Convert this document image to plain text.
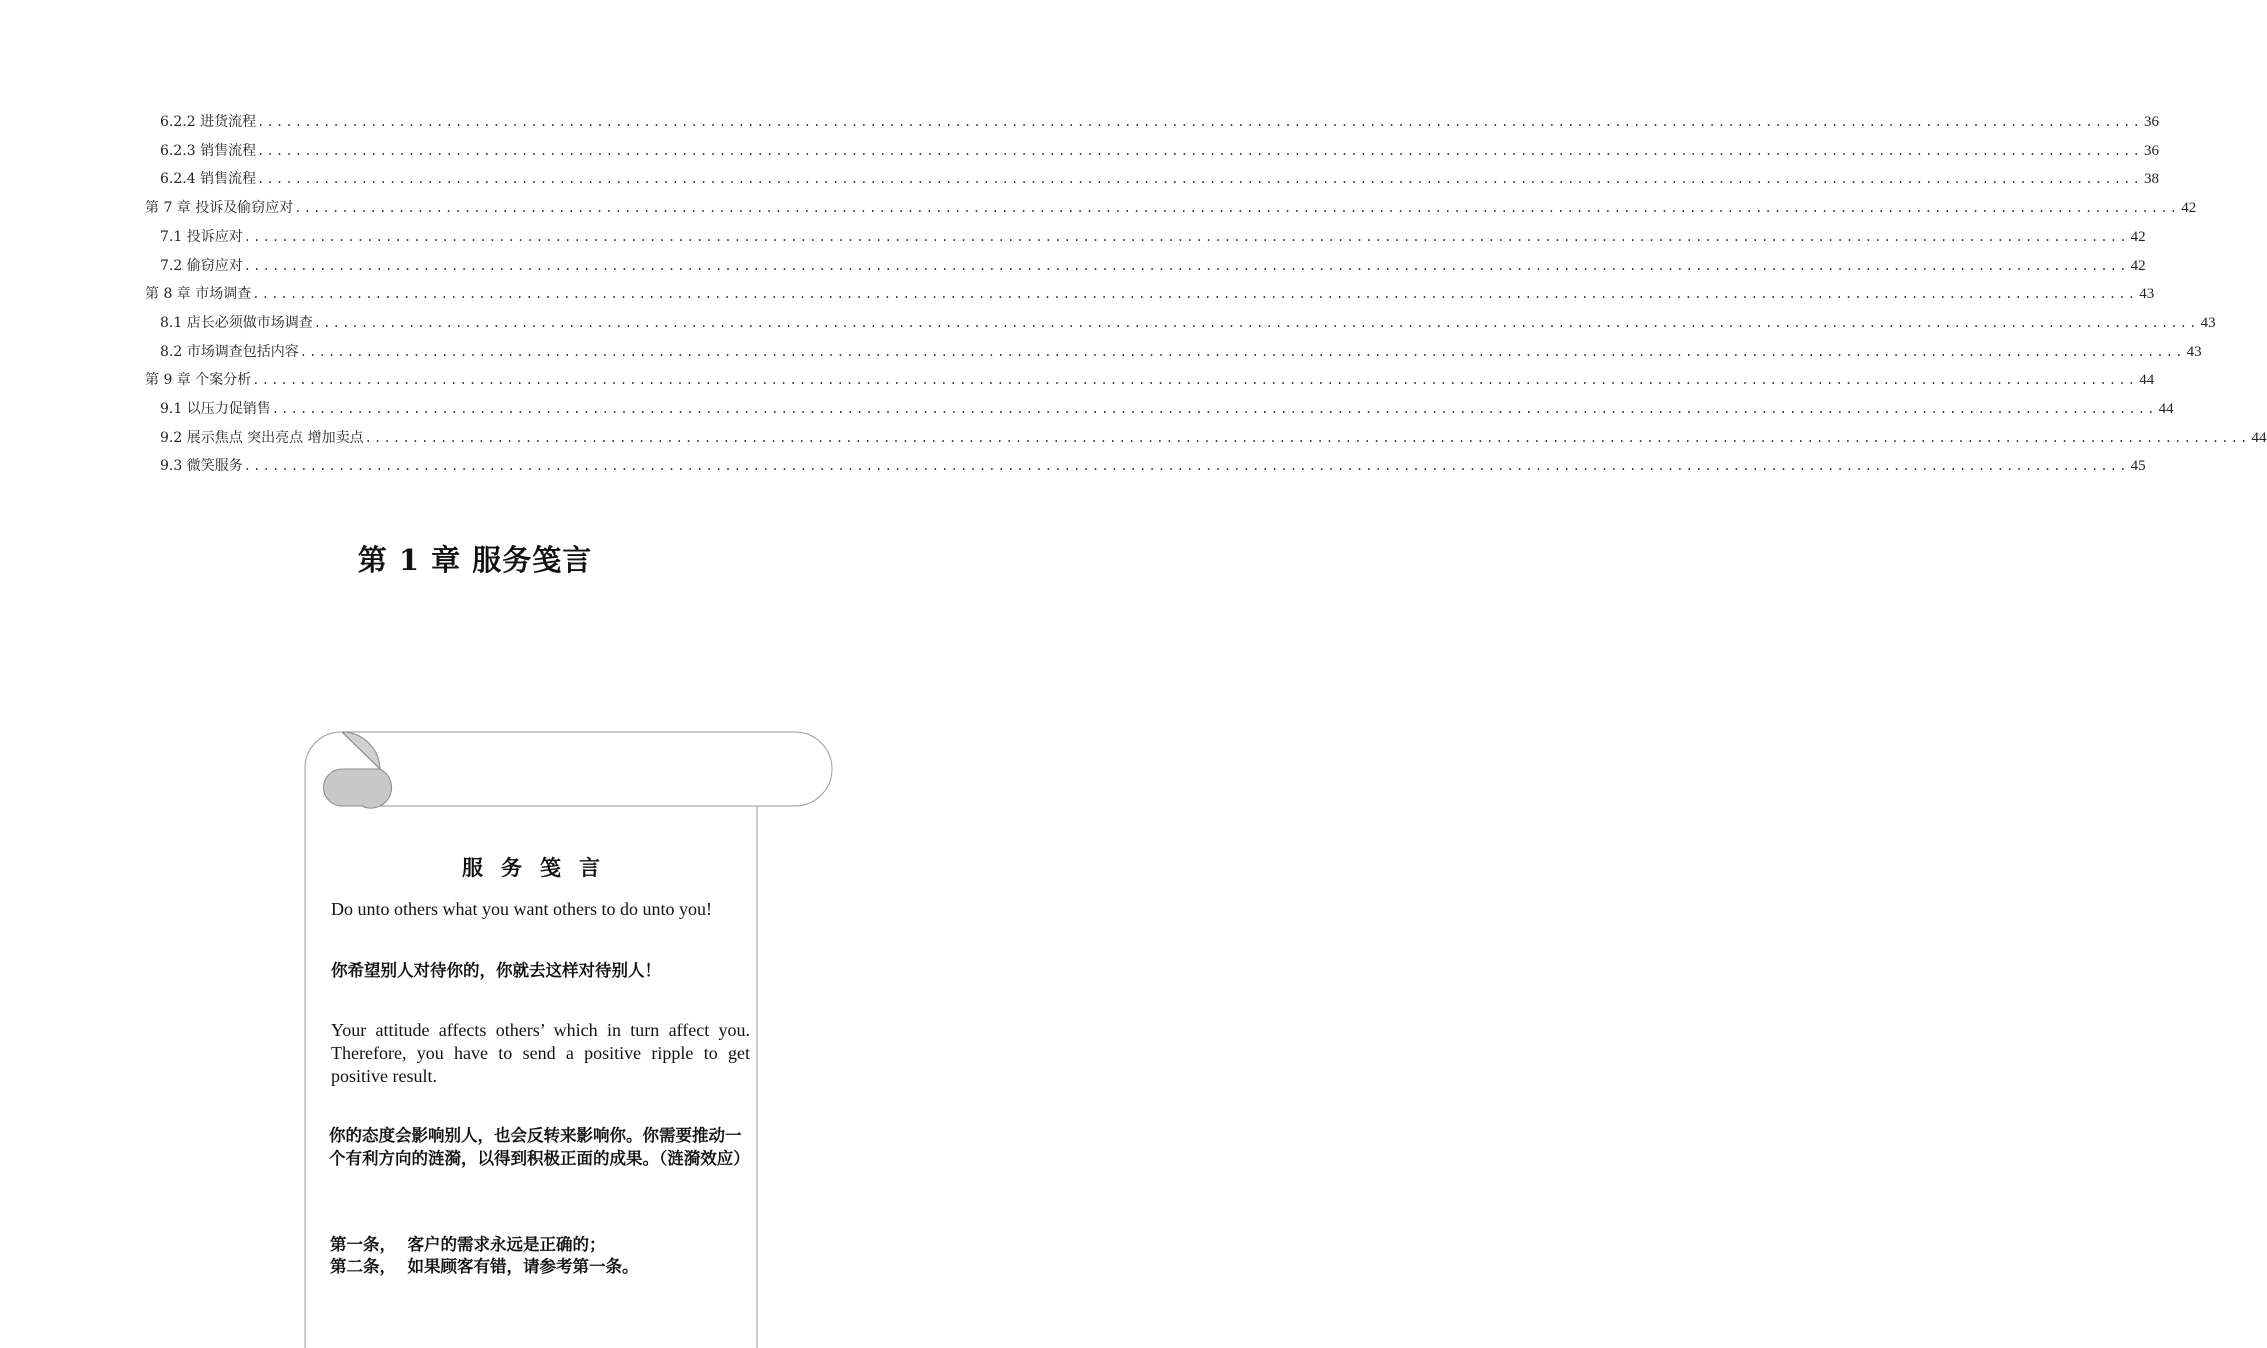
6.2.2 进货流程 ........................................................................................................................................................................................................ 36
6.2.3 销售流程 ........................................................................................................................................................................................................ 36
6.2.4 销售流程 ........................................................................................................................................................................................................ 38
第 7 章 投诉及偷窃应对 ........................................................................................................................................................................................................ 42
7.1 投诉应对 ........................................................................................................................................................................................................ 42
7.2 偷窃应对 ........................................................................................................................................................................................................ 42
第 8 章 市场调查 ........................................................................................................................................................................................................ 43
8.1 店长必须做市场调查 ........................................................................................................................................................................................................ 43
8.2 市场调查包括内容 ........................................................................................................................................................................................................ 43
第 9 章 个案分析 ........................................................................................................................................................................................................ 44
9.1 以压力促销售 ........................................................................................................................................................................................................ 44
9.2 展示焦点 突出亮点 增加卖点 ........................................................................................................................................................................................................ 44
9.3 微笑服务 ........................................................................................................................................................................................................ 45
第 1 章 服务笺言
服务笺言
Do unto others what you want others to do unto you!
你希望别人对待你的，你就去这样对待别人！
Your attitude affects others’ which in turn affect you. Therefore, you have to send a positive ripple to get positive result.
你的态度会影响别人，也会反转来影响你。你需要推动一个有利方向的涟漪，以得到积极正面的成果。（涟漪效应）
第一条，  客户的需求永远是正确的；
第二条，  如果顾客有错，请参考第一条。
